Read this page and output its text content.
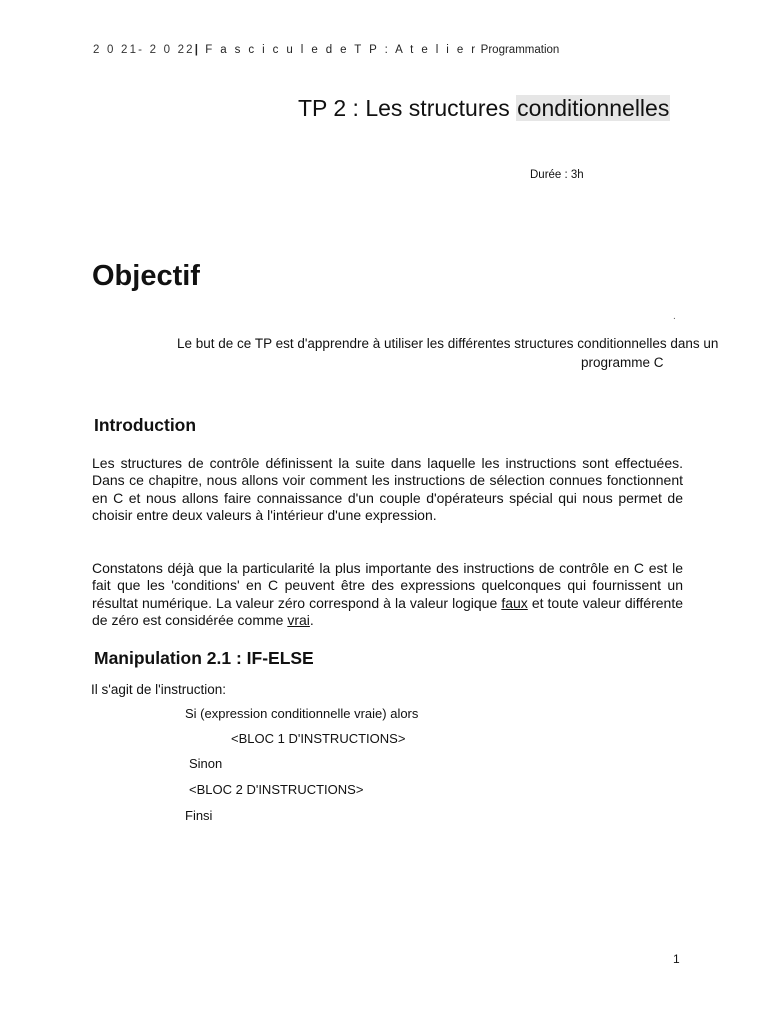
2 0 21- 2 0 22| F a s c i c u l e d e T P : A t e l i e r Programmation
TP 2 : Les structures conditionnelles
Durée : 3h
Objectif
.
Le but de ce TP est d'apprendre à utiliser les différentes structures conditionnelles dans un
programme C
Introduction
Les structures de contrôle définissent la suite dans laquelle les instructions sont effectuées. Dans ce chapitre, nous allons voir comment les instructions de sélection connues fonctionnent en C et nous allons faire connaissance d'un couple d'opérateurs spécial qui nous permet de choisir entre deux valeurs à l'intérieur d'une expression.
Constatons déjà que la particularité la plus importante des instructions de contrôle en C est le fait que les 'conditions' en C peuvent être des expressions quelconques qui fournissent un résultat numérique. La valeur zéro correspond à la valeur logique faux et toute valeur différente de zéro est considérée comme vrai.
Manipulation 2.1 : IF-ELSE
Il s'agit de l'instruction:
Si (expression conditionnelle vraie) alors
<BLOC 1 D'INSTRUCTIONS>
Sinon
<BLOC 2 D'INSTRUCTIONS>
Finsi
1
